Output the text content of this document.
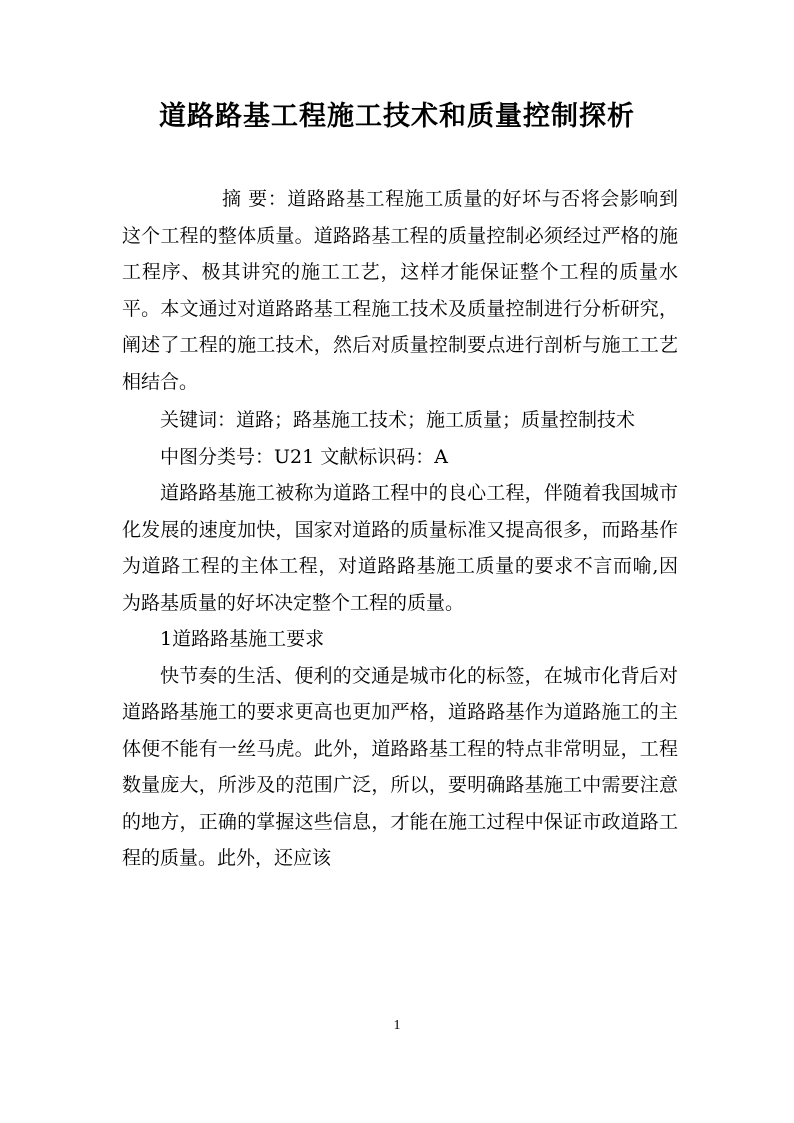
道路路基工程施工技术和质量控制探析

摘 要：道路路基工程施工质量的好坏与否将会影响到这个工程的整体质量。道路路基工程的质量控制必须经过严格的施工程序、极其讲究的施工工艺，这样才能保证整个工程的质量水平。本文通过对道路路基工程施工技术及质量控制进行分析研究，阐述了工程的施工技术，然后对质量控制要点进行剖析与施工工艺相结合。

关键词：道路；路基施工技术；施工质量；质量控制技术

中图分类号：U21 文献标识码：A

道路路基施工被称为道路工程中的良心工程，伴随着我国城市化发展的速度加快，国家对道路的质量标准又提高很多，而路基作为道路工程的主体工程，对道路路基施工质量的要求不言而喻,因为路基质量的好坏决定整个工程的质量。

1道路路基施工要求

快节奏的生活、便利的交通是城市化的标签，在城市化背后对道路路基施工的要求更高也更加严格，道路路基作为道路施工的主体便不能有一丝马虎。此外，道路路基工程的特点非常明显，工程数量庞大，所涉及的范围广泛，所以，要明确路基施工中需要注意的地方，正确的掌握这些信息，才能在施工过程中保证市政道路工程的质量。此外，还应该

1
